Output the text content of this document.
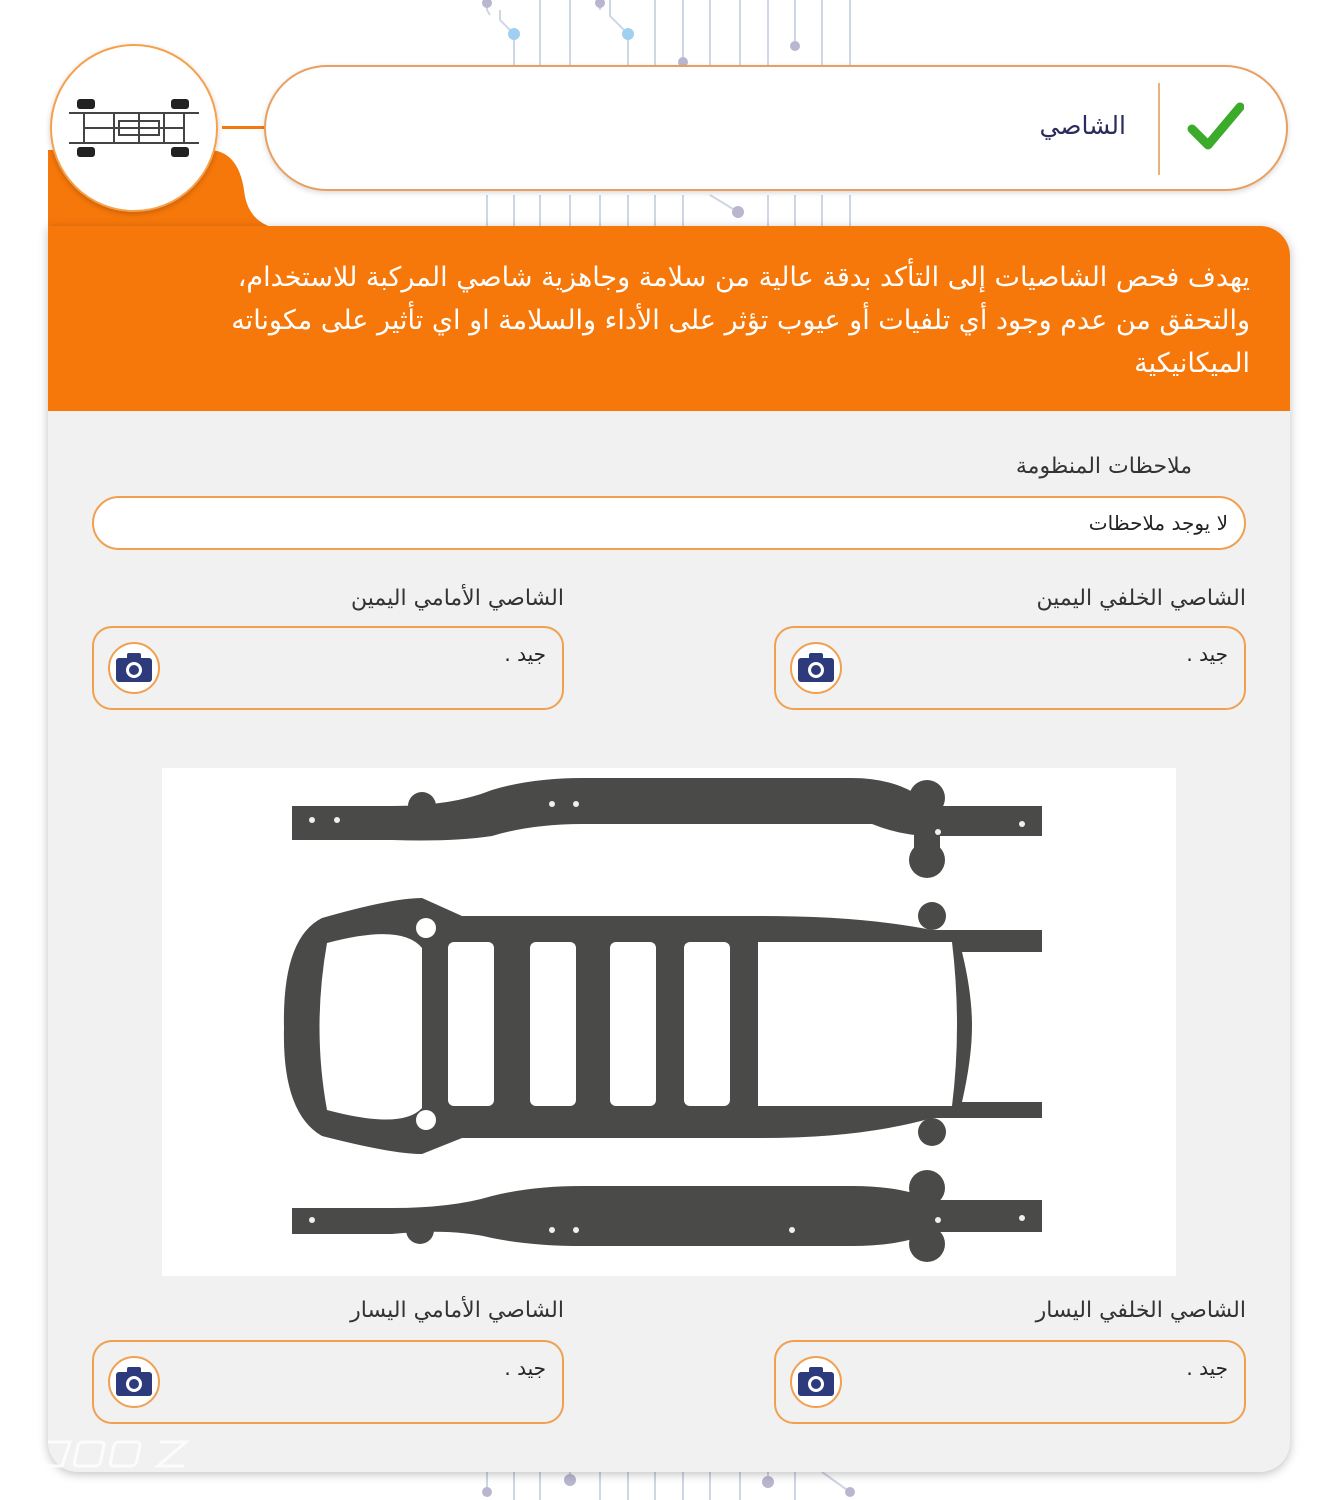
الشاصي
يهدف فحص الشاصيات إلى التأكد بدقة عالية من سلامة وجاهزية شاصي المركبة للاستخدام، والتحقق من عدم وجود أي تلفيات أو عيوب تؤثر على الأداء والسلامة او اي تأثير على مكوناته الميكانيكية
ملاحظات المنظومة
لا يوجد ملاحظات
الشاصي الخلفي اليمين
جيد .
الشاصي الأمامي اليمين
جيد .
الشاصي الخلفي اليسار
جيد .
الشاصي الأمامي اليسار
جيد .
